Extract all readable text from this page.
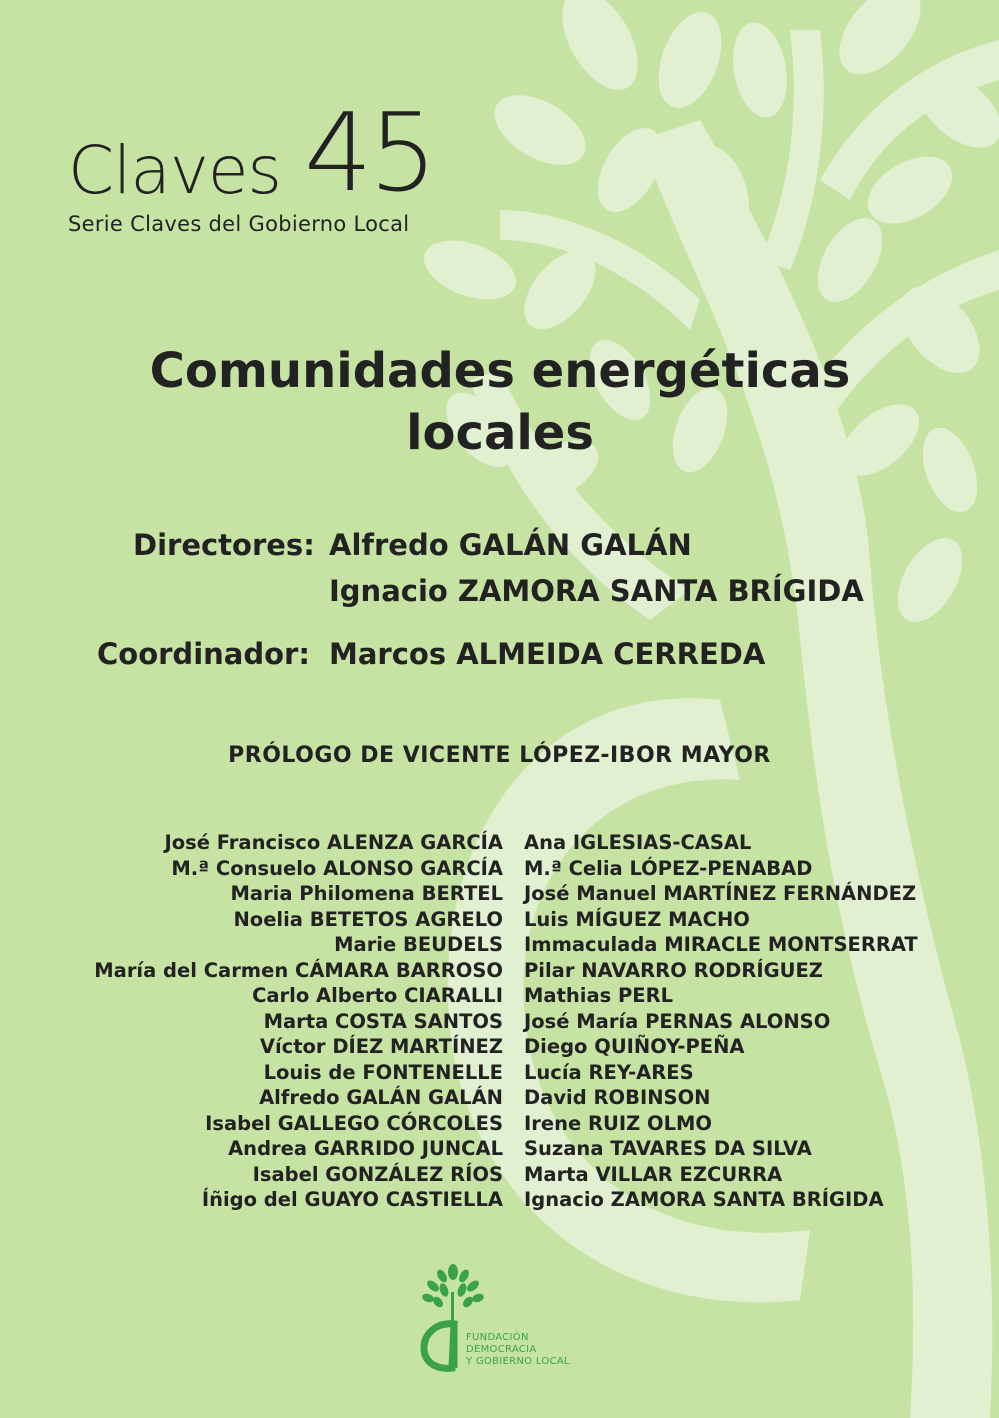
Claves 45
Serie Claves del Gobierno Local
Comunidades energéticas
locales
Directores: Alfredo GALÁN GALÁN
Ignacio ZAMORA SANTA BRÍGIDA
Coordinador: Marcos ALMEIDA CERREDA
PRÓLOGO DE VICENTE LÓPEZ-IBOR MAYOR
José Francisco ALENZA GARCÍA
M.ª Consuelo ALONSO GARCÍA
Maria Philomena BERTEL
Noelia BETETOS AGRELO
Marie BEUDELS
María del Carmen CÁMARA BARROSO
Carlo Alberto CIARALLI
Marta COSTA SANTOS
Víctor DÍEZ MARTÍNEZ
Louis de FONTENELLE
Alfredo GALÁN GALÁN
Isabel GALLEGO CÓRCOLES
Andrea GARRIDO JUNCAL
Isabel GONZÁLEZ RÍOS
Íñigo del GUAYO CASTIELLA
Ana IGLESIAS-CASAL
M.ª Celia LÓPEZ-PENABAD
José Manuel MARTÍNEZ FERNÁNDEZ
Luis MÍGUEZ MACHO
Immaculada MIRACLE MONTSERRAT
Pilar NAVARRO RODRÍGUEZ
Mathias PERL
José María PERNAS ALONSO
Diego QUIÑOY-PEÑA
Lucía REY-ARES
David ROBINSON
Irene RUIZ OLMO
Suzana TAVARES DA SILVA
Marta VILLAR EZCURRA
Ignacio ZAMORA SANTA BRÍGIDA
FUNDACIÓN
DEMOCRACIA
Y GOBIERNO LOCAL
